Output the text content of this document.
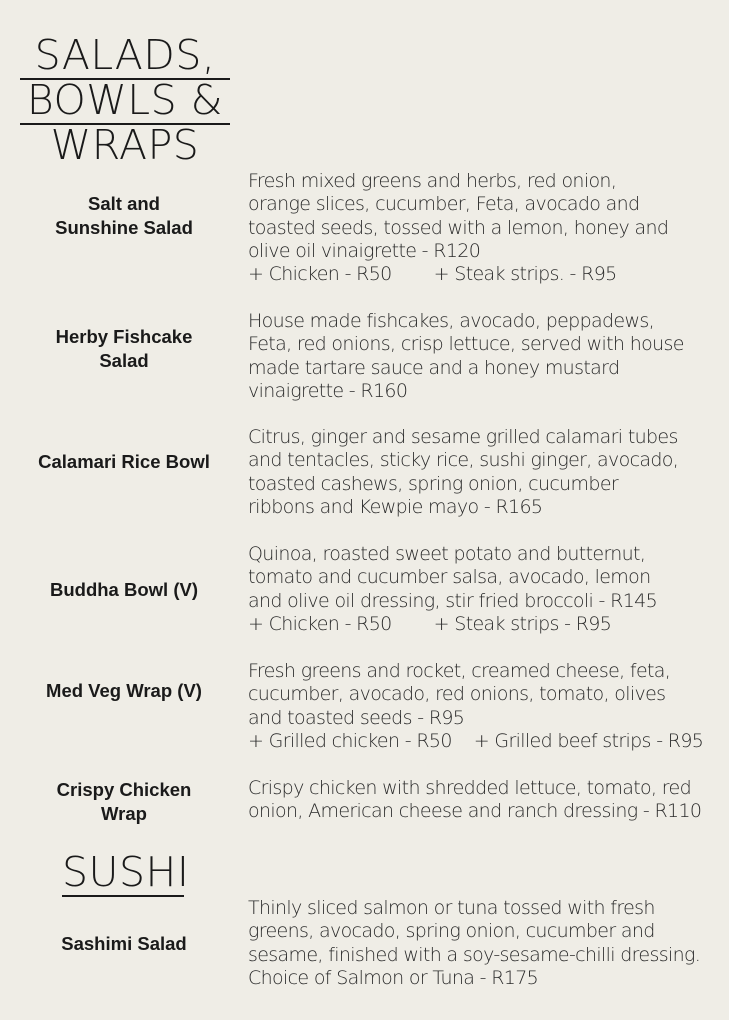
SALADS,
BOWLS &
WRAPS
Salt and
Sunshine Salad
Fresh mixed greens and herbs, red onion,
orange slices, cucumber, Feta, avocado and
toasted seeds, tossed with a lemon, honey and
olive oil vinaigrette - R120
+ Chicken - R50 + Steak strips. - R95
Herby Fishcake
Salad
House made fishcakes, avocado, peppadews,
Feta, red onions, crisp lettuce, served with house
made tartare sauce and a honey mustard
vinaigrette - R160
Calamari Rice Bowl
Citrus, ginger and sesame grilled calamari tubes
and tentacles, sticky rice, sushi ginger, avocado,
toasted cashews, spring onion, cucumber
ribbons and Kewpie mayo - R165
Buddha Bowl (V)
Quinoa, roasted sweet potato and butternut,
tomato and cucumber salsa, avocado, lemon
and olive oil dressing, stir fried broccoli - R145
+ Chicken - R50 + Steak strips - R95
Med Veg Wrap (V)
Fresh greens and rocket, creamed cheese, feta,
cucumber, avocado, red onions, tomato, olives
and toasted seeds - R95
+ Grilled chicken - R50 + Grilled beef strips - R95
Crispy Chicken
Wrap
Crispy chicken with shredded lettuce, tomato, red
onion, American cheese and ranch dressing - R110
SUSHI
Sashimi Salad
Thinly sliced salmon or tuna tossed with fresh
greens, avocado, spring onion, cucumber and
sesame, finished with a soy-sesame-chilli dressing.
Choice of Salmon or Tuna - R175
